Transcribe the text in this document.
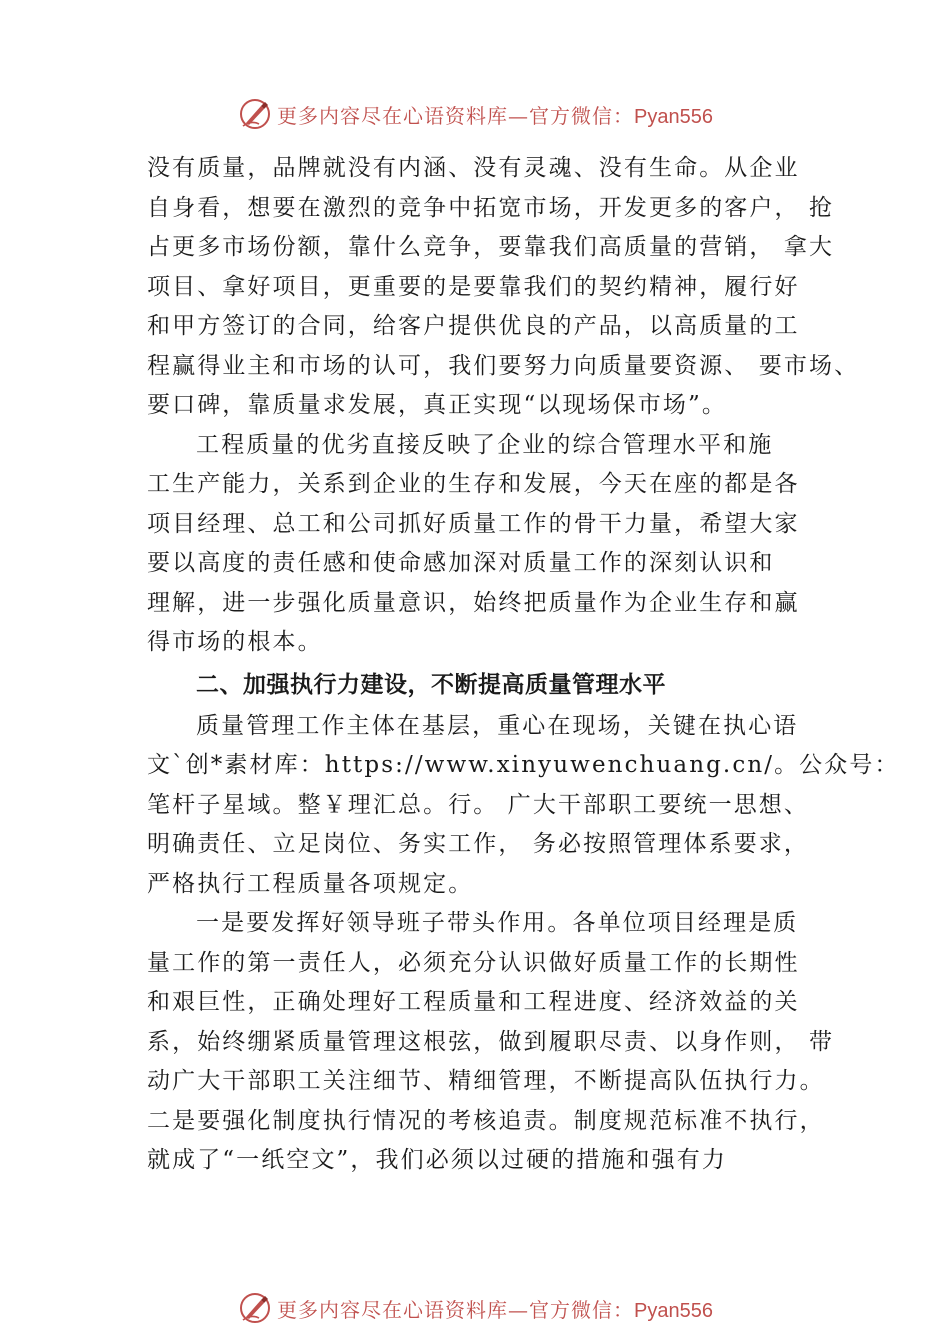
更多内容尽在心语资料库—官方微信：Pyan556
没有质量，品牌就没有内涵、没有灵魂、没有生命。从企业
自身看，想要在激烈的竞争中拓宽市场，开发更多的客户， 抢
占更多市场份额，靠什么竞争，要靠我们高质量的营销， 拿大
项目、拿好项目，更重要的是要靠我们的契约精神，履行好
和甲方签订的合同，给客户提供优良的产品，以高质量的工
程赢得业主和市场的认可，我们要努力向质量要资源、 要市场、
要口碑，靠质量求发展，真正实现“以现场保市场”。
工程质量的优劣直接反映了企业的综合管理水平和施
工生产能力，关系到企业的生存和发展，今天在座的都是各
项目经理、总工和公司抓好质量工作的骨干力量，希望大家
要以高度的责任感和使命感加深对质量工作的深刻认识和
理解，进一步强化质量意识，始终把质量作为企业生存和赢
得市场的根本。
二、加强执行力建设，不断提高质量管理水平
质量管理工作主体在基层，重心在现场，关键在执心语
文`创*素材库：https://www.xinyuwenchuang.cn/。公众号：
笔杆子星域。整￥理汇总。行。 广大干部职工要统一思想、
明确责任、立足岗位、务实工作， 务必按照管理体系要求，
严格执行工程质量各项规定。
一是要发挥好领导班子带头作用。各单位项目经理是质
量工作的第一责任人，必须充分认识做好质量工作的长期性
和艰巨性，正确处理好工程质量和工程进度、经济效益的关
系，始终绷紧质量管理这根弦，做到履职尽责、以身作则， 带
动广大干部职工关注细节、精细管理，不断提高队伍执行力。
二是要强化制度执行情况的考核追责。制度规范标准不执行，
就成了“一纸空文”，我们必须以过硬的措施和强有力
更多内容尽在心语资料库—官方微信：Pyan556
